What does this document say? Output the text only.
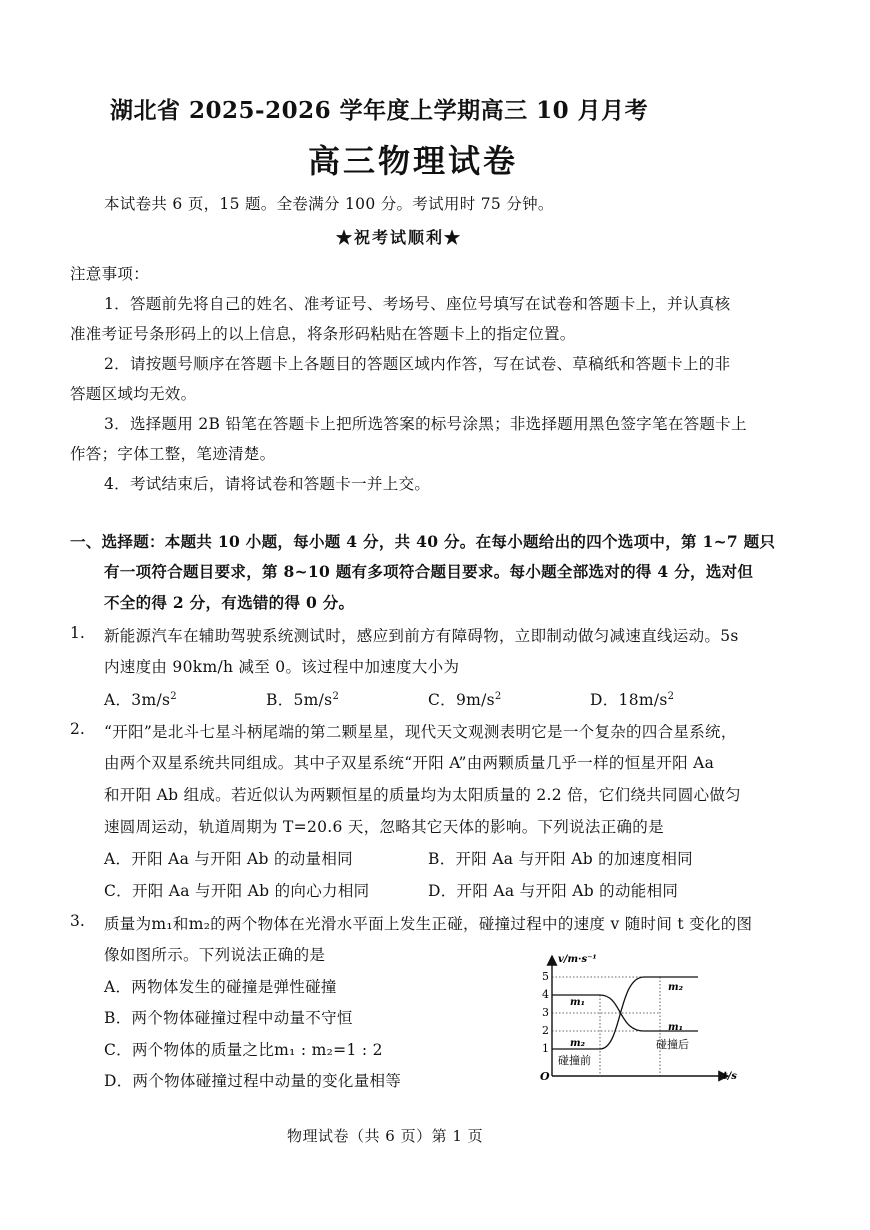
湖北省 2025-2026 学年度上学期高三 10 月月考
高三物理试卷
本试卷共 6 页，15 题。全卷满分 100 分。考试用时 75 分钟。
★祝考试顺利★
注意事项：
1．答题前先将自己的姓名、准考证号、考场号、座位号填写在试卷和答题卡上，并认真核
准准考证号条形码上的以上信息，将条形码粘贴在答题卡上的指定位置。
2．请按题号顺序在答题卡上各题目的答题区域内作答，写在试卷、草稿纸和答题卡上的非
答题区域均无效。
3．选择题用 2B 铅笔在答题卡上把所选答案的标号涂黑；非选择题用黑色签字笔在答题卡上
作答；字体工整，笔迹清楚。
4．考试结束后，请将试卷和答题卡一并上交。
一、选择题：本题共 10 小题，每小题 4 分，共 40 分。在每小题给出的四个选项中，第 1~7 题只
有一项符合题目要求，第 8~10 题有多项符合题目要求。每小题全部选对的得 4 分，选对但
不全的得 2 分，有选错的得 0 分。
1. 新能源汽车在辅助驾驶系统测试时，感应到前方有障碍物，立即制动做匀减速直线运动。5s
内速度由 90km/h 减至 0。该过程中加速度大小为
A．$3m/s^2$	B．$5m/s^2$	C．$9m/s^2$	D．$18m/s^2$
2. “开阳”是北斗七星斗柄尾端的第二颗星星，现代天文观测表明它是一个复杂的四合星系统，
由两个双星系统共同组成。其中子双星系统“开阳 A”由两颗质量几乎一样的恒星开阳 Aa
和开阳 Ab 组成。若近似认为两颗恒星的质量均为太阳质量的 2.2 倍，它们绕共同圆心做匀
速圆周运动，轨道周期为 T=20.6 天，忽略其它天体的影响。下列说法正确的是
A．开阳 Aa 与开阳 Ab 的动量相同	B．开阳 Aa 与开阳 Ab 的加速度相同
C．开阳 Aa 与开阳 Ab 的向心力相同	D．开阳 Aa 与开阳 Ab 的动能相同
3. 质量为m₁和m₂的两个物体在光滑水平面上发生正碰，碰撞过程中的速度 v 随时间 t 变化的图
像如图所示。下列说法正确的是
A．两物体发生的碰撞是弹性碰撞
B．两个物体碰撞过程中动量不守恒
C．两个物体的质量之比m₁ : m₂=1 : 2
D．两个物体碰撞过程中动量的变化量相等
v/m·s⁻¹
t/s
O
5
4
3
2
1
m₁
m₂
m₂
m₁
碰撞前
碰撞后
物理试卷（共 6 页）第 1 页
